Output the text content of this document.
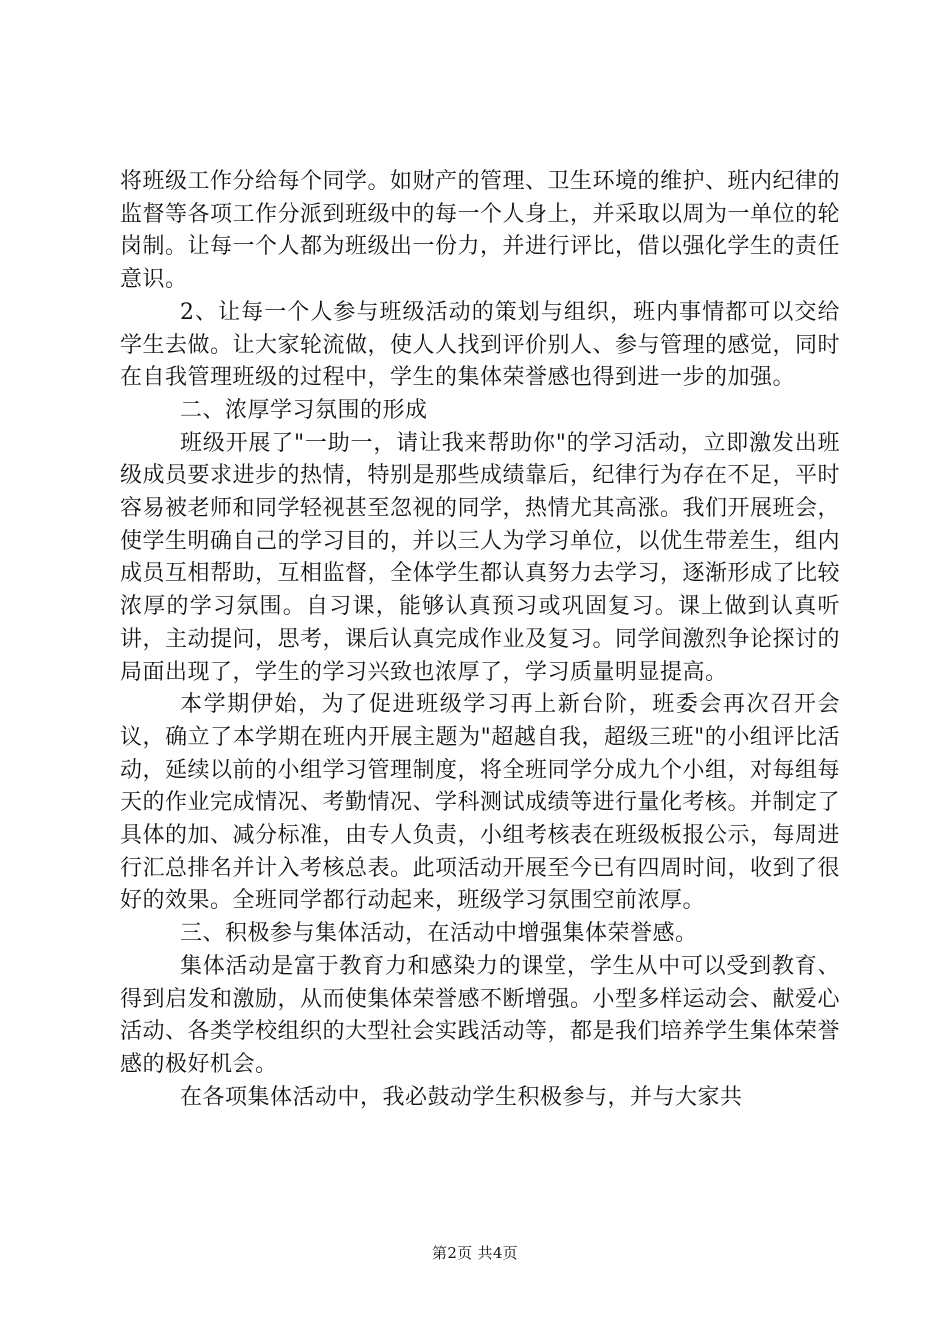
将班级工作分给每个同学。如财产的管理、卫生环境的维护、班内纪律的监督等各项工作分派到班级中的每一个人身上，并采取以周为一单位的轮岗制。让每一个人都为班级出一份力，并进行评比，借以强化学生的责任意识。

2、让每一个人参与班级活动的策划与组织，班内事情都可以交给学生去做。让大家轮流做，使人人找到评价别人、参与管理的感觉，同时在自我管理班级的过程中，学生的集体荣誉感也得到进一步的加强。

二、浓厚学习氛围的形成

班级开展了"一助一，请让我来帮助你"的学习活动，立即激发出班级成员要求进步的热情，特别是那些成绩靠后，纪律行为存在不足，平时容易被老师和同学轻视甚至忽视的同学，热情尤其高涨。我们开展班会，使学生明确自己的学习目的，并以三人为学习单位，以优生带差生，组内成员互相帮助，互相监督，全体学生都认真努力去学习，逐渐形成了比较浓厚的学习氛围。自习课，能够认真预习或巩固复习。课上做到认真听讲，主动提问，思考，课后认真完成作业及复习。同学间激烈争论探讨的局面出现了，学生的学习兴致也浓厚了，学习质量明显提高。

本学期伊始，为了促进班级学习再上新台阶，班委会再次召开会议，确立了本学期在班内开展主题为"超越自我，超级三班"的小组评比活动，延续以前的小组学习管理制度，将全班同学分成九个小组，对每组每天的作业完成情况、考勤情况、学科测试成绩等进行量化考核。并制定了具体的加、减分标准，由专人负责，小组考核表在班级板报公示，每周进行汇总排名并计入考核总表。此项活动开展至今已有四周时间，收到了很好的效果。全班同学都行动起来，班级学习氛围空前浓厚。

三、积极参与集体活动，在活动中增强集体荣誉感。

集体活动是富于教育力和感染力的课堂，学生从中可以受到教育、得到启发和激励，从而使集体荣誉感不断增强。小型多样运动会、献爱心活动、各类学校组织的大型社会实践活动等，都是我们培养学生集体荣誉感的极好机会。

在各项集体活动中，我必鼓动学生积极参与，并与大家共

第2页 共4页
